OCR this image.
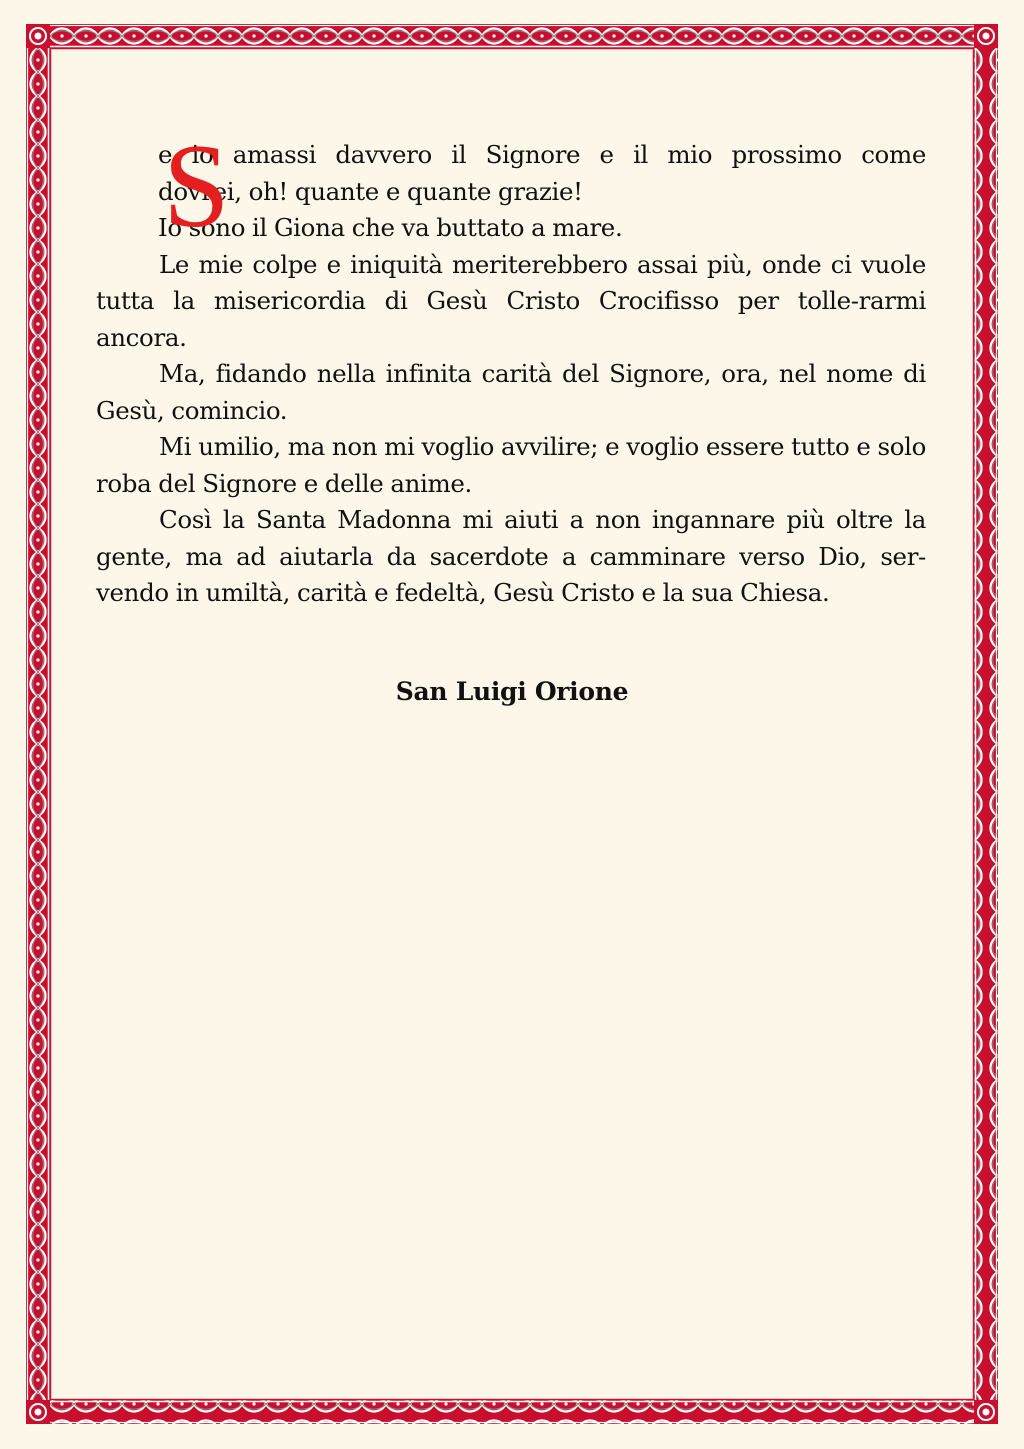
S
e io amassi davvero il Signore e il mio prossimo come
dovrei, oh! quante e quante grazie!
Io sono il Giona che va buttato a mare.

Le mie colpe e iniquità meriterebbero assai più, onde ci vuole tutta la misericordia di Gesù Cristo Crocifisso per tolle-rarmi ancora.

Ma, fidando nella infinita carità del Signore, ora, nel nome di Gesù, comincio.

Mi umilio, ma non mi voglio avvilire; e voglio essere tutto e solo roba del Signore e delle anime.

Così la Santa Madonna mi aiuti a non ingannare più oltre la gente, ma ad aiutarla da sacerdote a camminare verso Dio, ser-vendo in umiltà, carità e fedeltà, Gesù Cristo e la sua Chiesa.

San Luigi Orione
